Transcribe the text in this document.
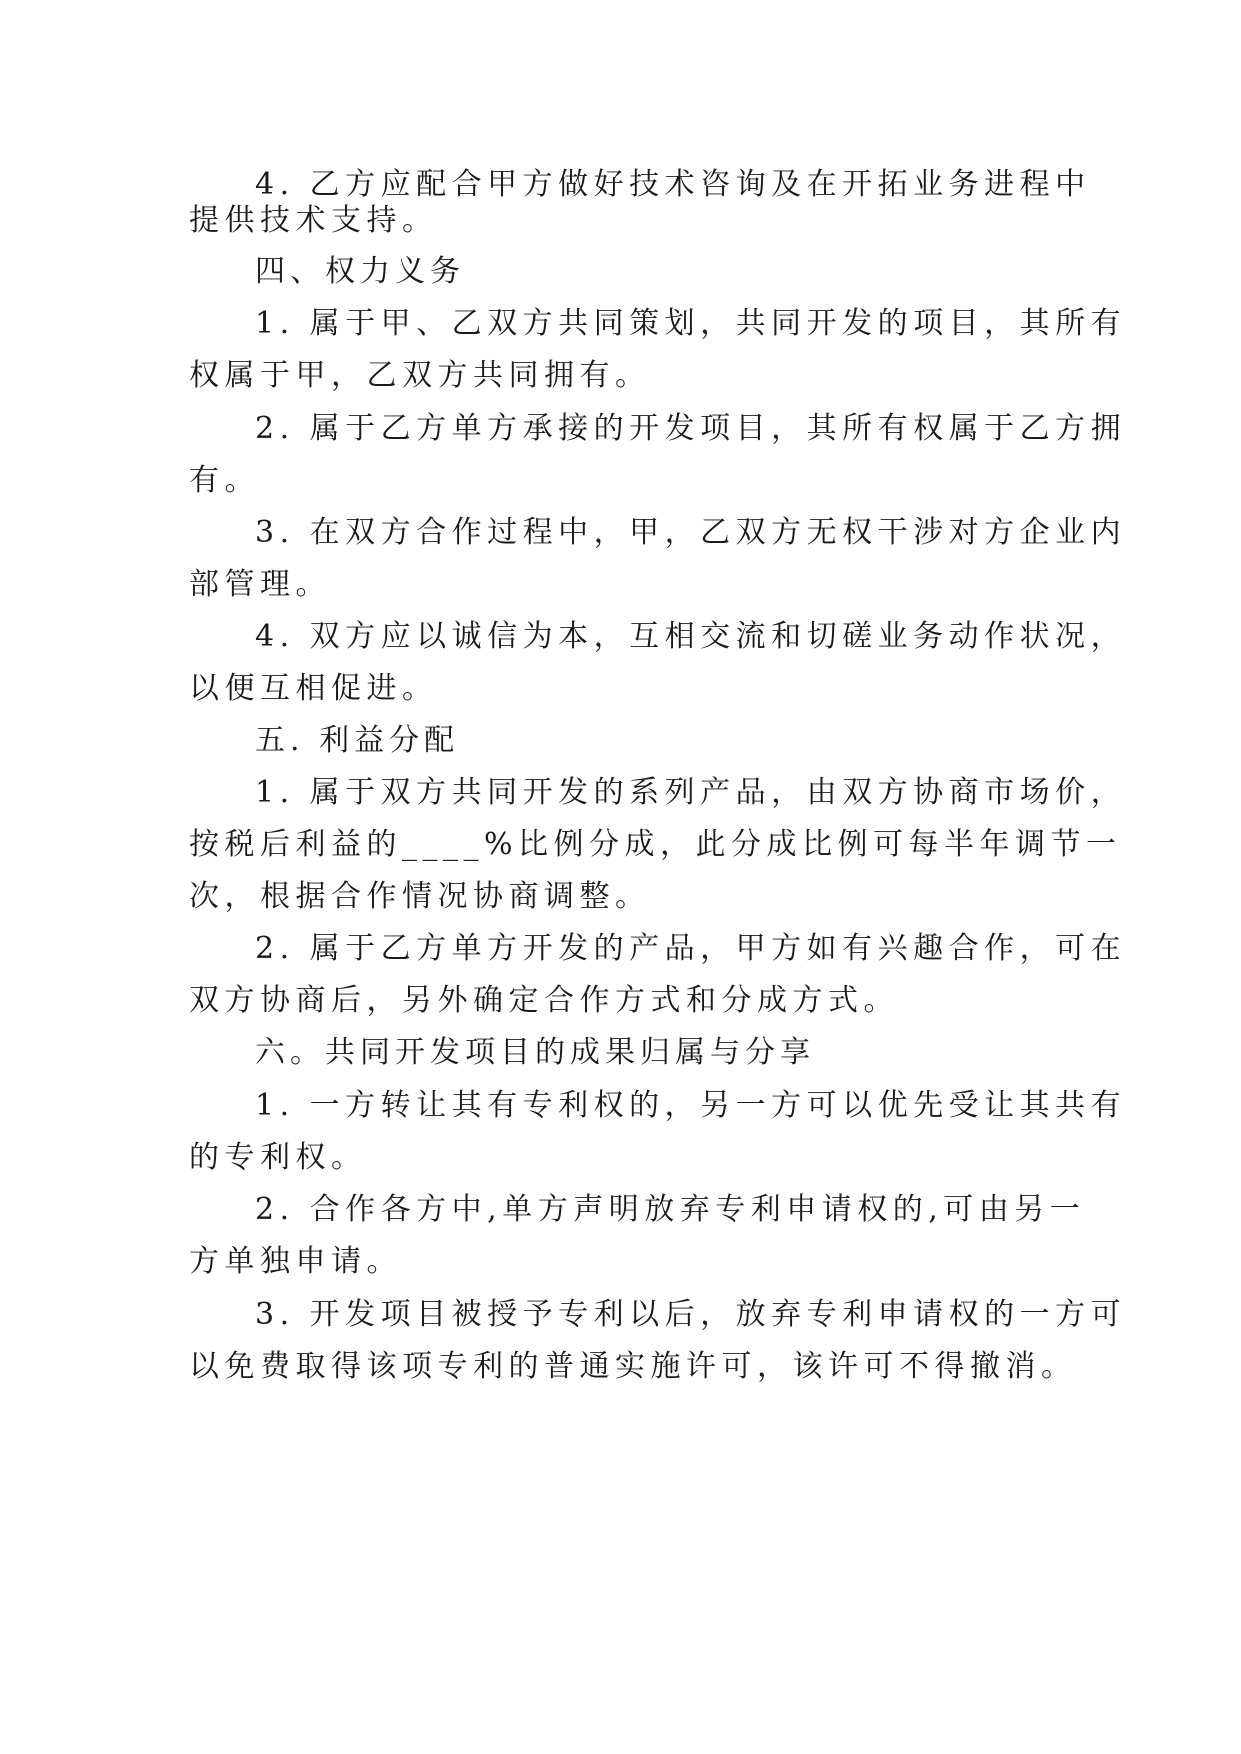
4. 乙方应配合甲方做好技术咨询及在开拓业务进程中

提供技术支持。

四、权力义务

1. 属于甲、乙双方共同策划，共同开发的项目，其所有

权属于甲，乙双方共同拥有。

2. 属于乙方单方承接的开发项目，其所有权属于乙方拥

有。

3. 在双方合作过程中，甲，乙双方无权干涉对方企业内

部管理。

4. 双方应以诚信为本，互相交流和切磋业务动作状况，

以便互相促进。

五. 利益分配

1. 属于双方共同开发的系列产品，由双方协商市场价，

按税后利益的____%比例分成，此分成比例可每半年调节一

次，根据合作情况协商调整。

2. 属于乙方单方开发的产品，甲方如有兴趣合作，可在

双方协商后，另外确定合作方式和分成方式。

六。共同开发项目的成果归属与分享

1. 一方转让其有专利权的，另一方可以优先受让其共有

的专利权。

2. 合作各方中,单方声明放弃专利申请权的,可由另一

方单独申请。

3. 开发项目被授予专利以后，放弃专利申请权的一方可

以免费取得该项专利的普通实施许可，该许可不得撤消。
